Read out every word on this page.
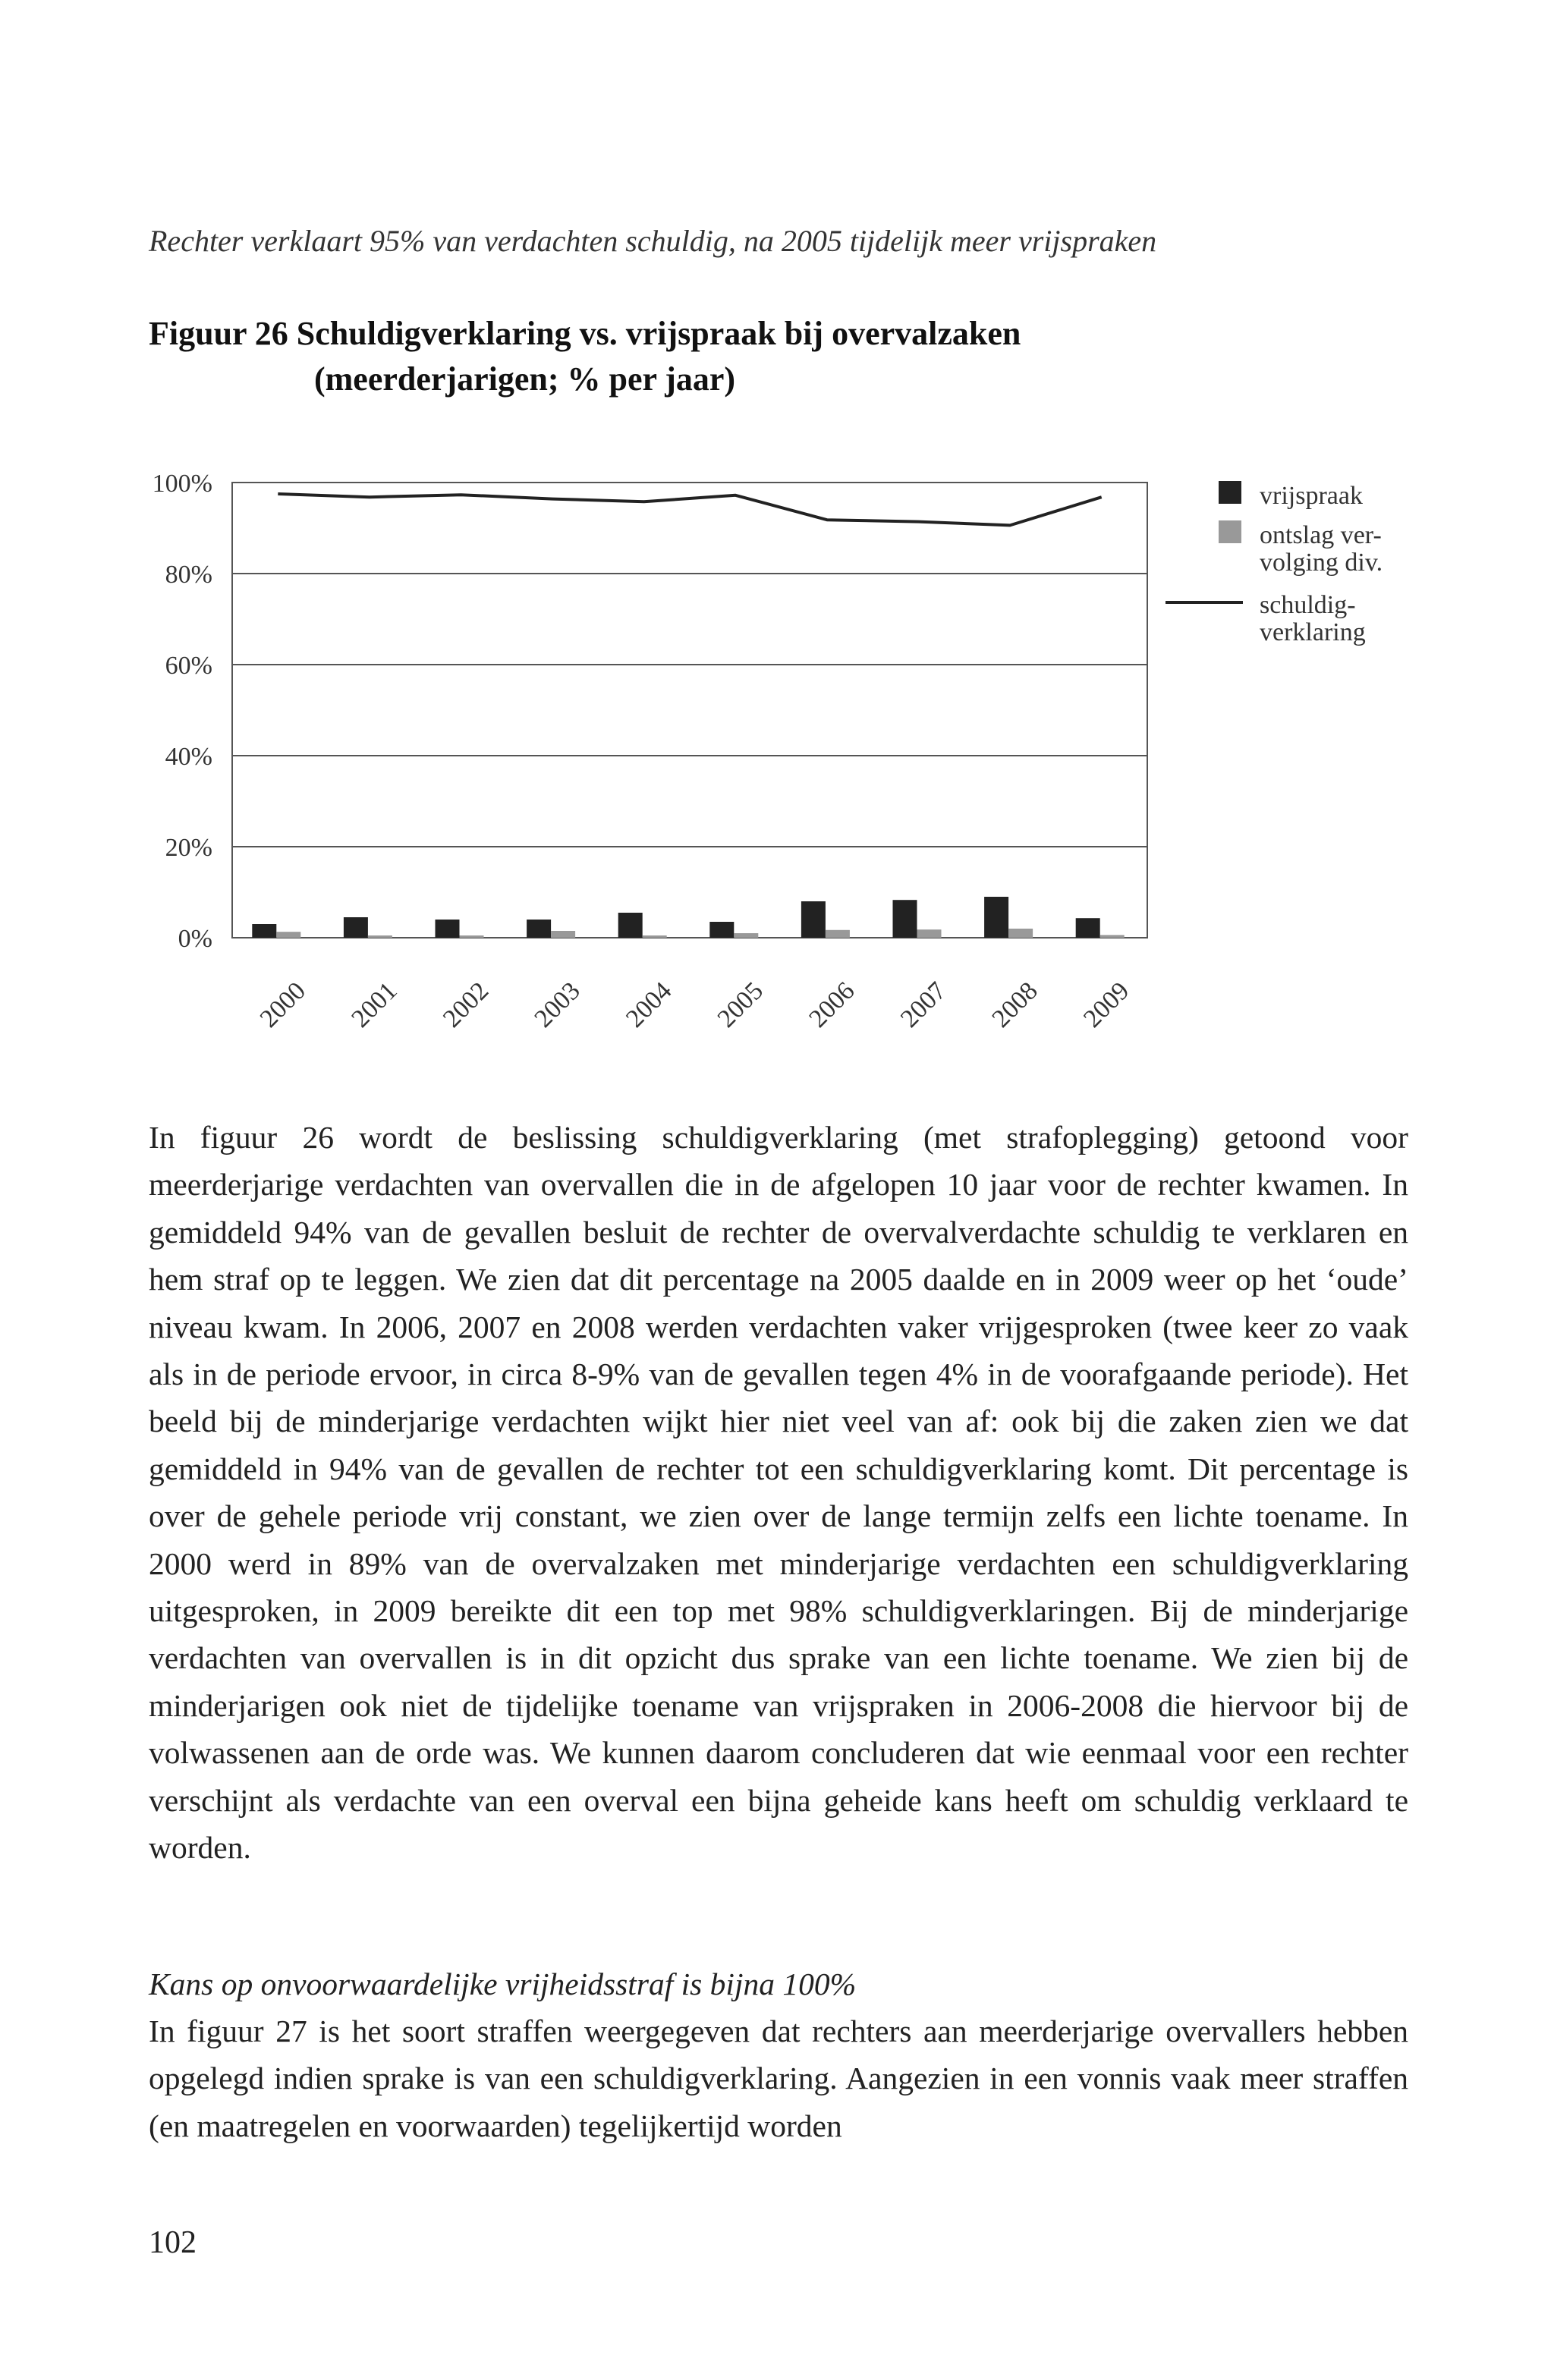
Rechter verklaart 95% van verdachten schuldig, na 2005 tijdelijk meer vrijspraken
Figuur 26 Schuldigverklaring vs. vrijspraak bij overvalzaken
(meerderjarigen; % per jaar)
0%
20%
40%
60%
80%
100%
2000 2001 2002 2003 2004 2005 2006 2007 2008 2009
vrijspraak
ontslag ver-volging div.
schuldig-verklaring

In figuur 26 wordt de beslissing schuldigverklaring (met strafoplegging) getoond voor meerderjarige verdachten van overvallen die in de afgelopen 10 jaar voor de rechter kwamen. In gemiddeld 94% van de gevallen besluit de rechter de overvalverdachte schuldig te verklaren en hem straf op te leggen. We zien dat dit percentage na 2005 daalde en in 2009 weer op het ‘oude’ niveau kwam. In 2006, 2007 en 2008 werden verdachten vaker vrijgesproken (twee keer zo vaak als in de periode ervoor, in circa 8-9% van de gevallen tegen 4% in de voorafgaande periode). Het beeld bij de minderjarige verdachten wijkt hier niet veel van af: ook bij die zaken zien we dat gemiddeld in 94% van de gevallen de rechter tot een schuldigverklaring komt. Dit percentage is over de gehele periode vrij constant, we zien over de lange termijn zelfs een lichte toename. In 2000 werd in 89% van de overvalzaken met minderjarige verdachten een schuldigverklaring uitgesproken, in 2009 bereikte dit een top met 98% schuldigverklaringen. Bij de minderjarige verdachten van overvallen is in dit opzicht dus sprake van een lichte toename. We zien bij de minderjarigen ook niet de tijdelijke toename van vrijspraken in 2006-2008 die hiervoor bij de volwassenen aan de orde was. We kunnen daarom concluderen dat wie eenmaal voor een rechter verschijnt als verdachte van een overval een bijna geheide kans heeft om schuldig verklaard te worden.

Kans op onvoorwaardelijke vrijheidsstraf is bijna 100%

In figuur 27 is het soort straffen weergegeven dat rechters aan meerderjarige overvallers hebben opgelegd indien sprake is van een schuldigverklaring. Aangezien in een vonnis vaak meer straffen (en maatregelen en voorwaarden) tegelijkertijd worden

102
